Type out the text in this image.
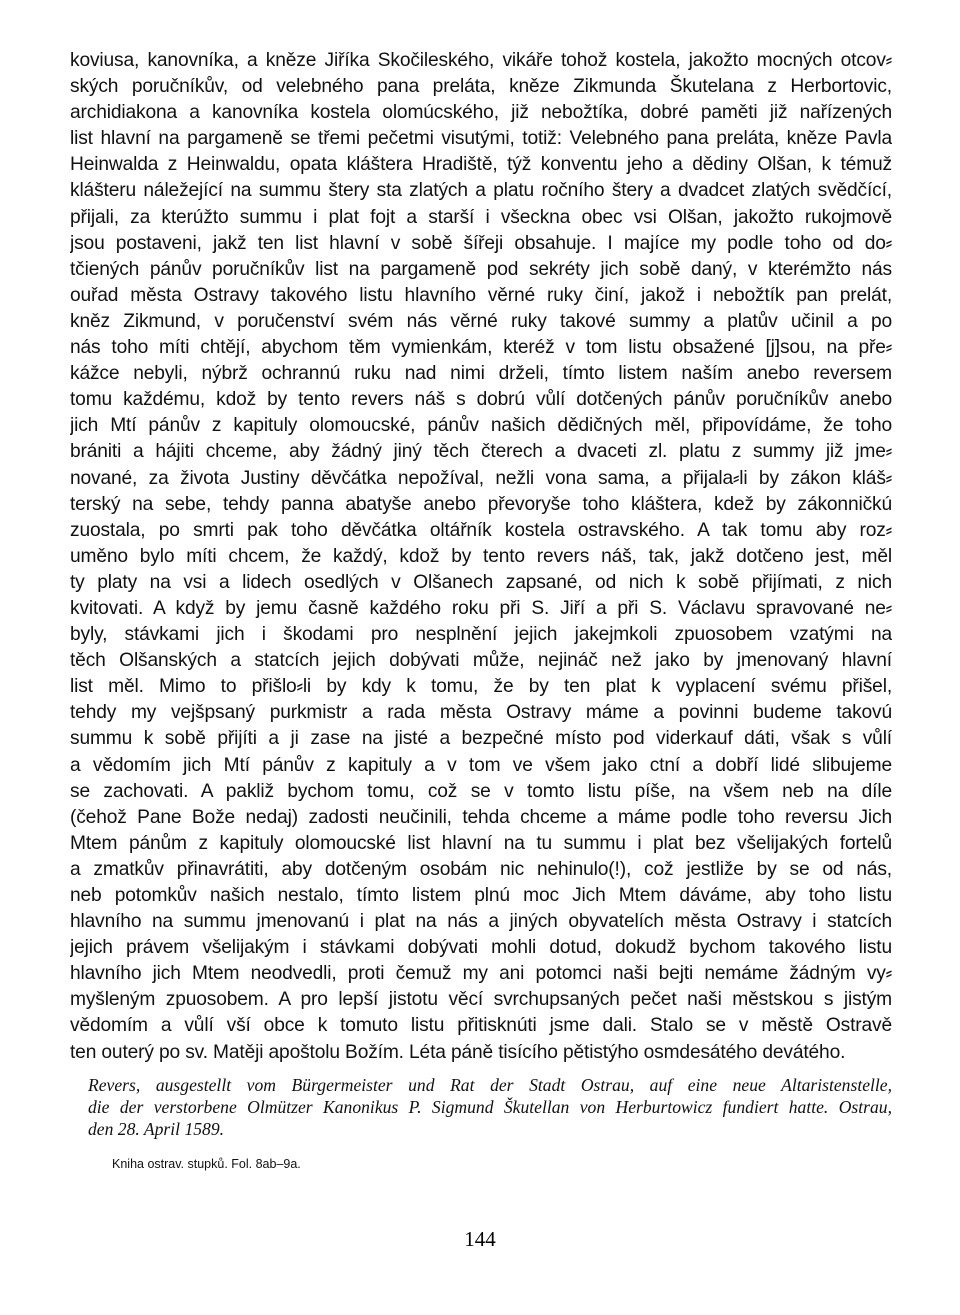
koviusa, kanovníka, a kněze Jiříka Skočileského, vikáře tohož kostela, jakožto mocných otcov⸗
ských poručníkův, od velebného pana preláta, kněze Zikmunda Škutelana z Herbortovic,
archidiakona a kanovníka kostela olomúcského, již nebožtíka, dobré paměti již nařízených
list hlavní na pargameně se třemi pečetmi visutými, totiž: Velebného pana preláta, kněze Pavla
Heinwalda z Heinwaldu, opata kláštera Hradiště, týž konventu jeho a dědiny Olšan, k témuž
klášteru náležející na summu štery sta zlatých a platu ročního štery a dvadcet zlatých svědčící,
přijali, za kterúžto summu i plat fojt a starší i všeckna obec vsi Olšan, jakožto rukojmově
jsou postaveni, jakž ten list hlavní v sobě šířeji obsahuje. I majíce my podle toho od do⸗
tčiených pánův poručníkův list na pargameně pod sekréty jich sobě daný, v kterémžto nás
ouřad města Ostravy takového listu hlavního věrné ruky činí, jakož i nebožtík pan prelát,
kněz Zikmund, v poručenství svém nás věrné ruky takové summy a platův učinil a po
nás toho míti chtějí, abychom těm vymienkám, kteréž v tom listu obsažené [j]sou, na pře⸗
kážce nebyli, nýbrž ochrannú ruku nad nimi drželi, tímto listem naším anebo reversem
tomu každému, kdož by tento revers náš s dobrú vůlí dotčených pánův poručníkův anebo
jich Mtí pánův z kapituly olomoucské, pánův našich dědičných měl, připovídáme, že toho
brániti a hájiti chceme, aby žádný jiný těch čterech a dvaceti zl. platu z summy již jme⸗
nované, za života Justiny děvčátka nepožíval, nežli vona sama, a přijala⸗li by zákon kláš⸗
terský na sebe, tehdy panna abatyše anebo převoryše toho kláštera, kdež by zákonničkú
zuostala, po smrti pak toho děvčátka oltářník kostela ostravského. A tak tomu aby roz⸗
uměno bylo míti chcem, že každý, kdož by tento revers náš, tak, jakž dotčeno jest, měl
ty platy na vsi a lidech osedlých v Olšanech zapsané, od nich k sobě přijímati, z nich
kvitovati. A když by jemu časně každého roku při S. Jiří a při S. Václavu spravované ne⸗
byly, stávkami jich i škodami pro nesplnění jejich jakejmkoli zpuosobem vzatými na
těch Olšanských a statcích jejich dobývati může, nejináč než jako by jmenovaný hlavní
list měl. Mimo to přišlo⸗li by kdy k tomu, že by ten plat k vyplacení svému přišel,
tehdy my vejšpsaný purkmistr a rada města Ostravy máme a povinni budeme takovú
summu k sobě přijíti a ji zase na jisté a bezpečné místo pod viderkauf dáti, však s vůlí
a vědomím jich Mtí pánův z kapituly a v tom ve všem jako ctní a dobří lidé slibujeme
se zachovati. A pakliž bychom tomu, což se v tomto listu píše, na všem neb na díle
(čehož Pane Bože nedaj) zadosti neučinili, tehda chceme a máme podle toho reversu Jich
Mtem pánům z kapituly olomoucské list hlavní na tu summu i plat bez všelijakých fortelů
a zmatkův přinavrátiti, aby dotčeným osobám nic nehinulo(!), což jestliže by se od nás,
neb potomkův našich nestalo, tímto listem plnú moc Jich Mtem dáváme, aby toho listu
hlavního na summu jmenovanú i plat na nás a jiných obyvatelích města Ostravy i statcích
jejich právem všelijakým i stávkami dobývati mohli dotud, dokudž bychom takového listu
hlavního jich Mtem neodvedli, proti čemuž my ani potomci naši bejti nemáme žádným vy⸗
myšleným zpuosobem. A pro lepší jistotu věcí svrchupsaných pečet naši městskou s jistým
vědomím a vůlí vší obce k tomuto listu přitisknúti jsme dali. Stalo se v městě Ostravě
ten outerý po sv. Matěji apoštolu Božím. Léta páně tisícího pětistýho osmdesátého devátého.
Revers, ausgestellt vom Bürgermeister und Rat der Stadt Ostrau, auf eine neue Altaristenstelle,
die der verstorbene Olmützer Kanonikus P. Sigmund Škutellan von Herburtowicz fundiert hatte. Ostrau,
den 28. April 1589.
Kniha ostrav. stupků. Fol. 8ab–9a.
144
